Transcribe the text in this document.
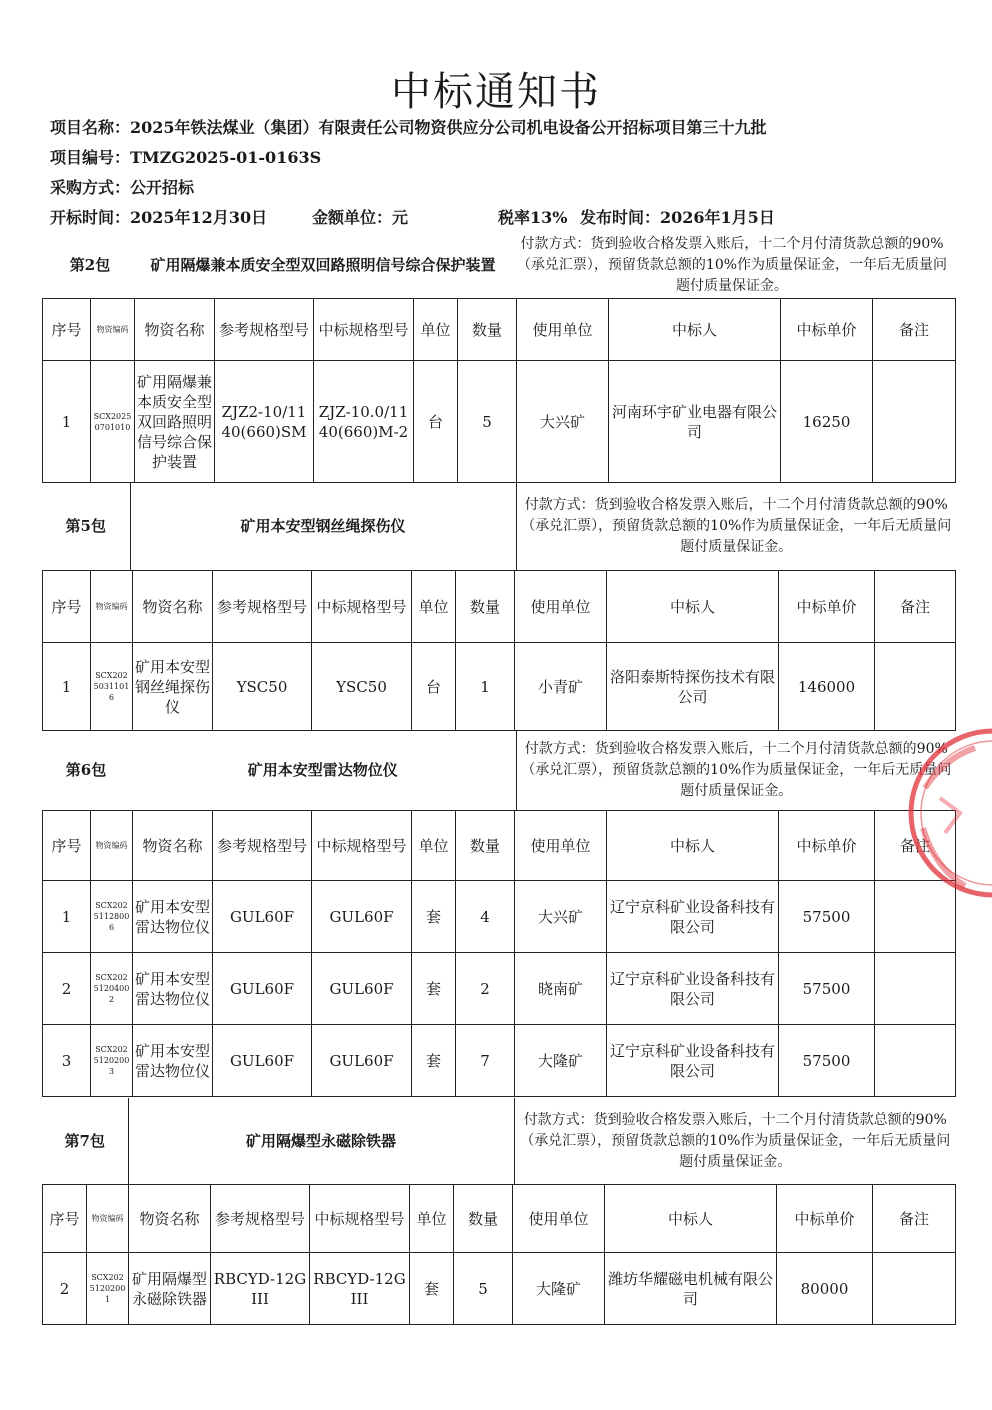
中标通知书
项目名称：2025年铁法煤业（集团）有限责任公司物资供应分公司机电设备公开招标项目第三十九批
项目编号：TMZG2025-01-0163S
采购方式：公开招标
开标时间：2025年12月30日	金额单位：元	税率13% 发布时间：2026年1月5日
第2包	矿用隔爆兼本质安全型双回路照明信号综合保护装置	付款方式：货到验收合格发票入账后，十二个月付清货款总额的90%（承兑汇票），预留货款总额的10%作为质量保证金，一年后无质量问题付质量保证金。
序号	物资编码	物资名称	参考规格型号	中标规格型号	单位	数量	使用单位	中标人	中标单价	备注
1	SCX20250701010	矿用隔爆兼本质安全型双回路照明信号综合保护装置	ZJZ2-10/1140(660)SM	ZJZ-10.0/1140(660)M-2	台	5	大兴矿	河南环宇矿业电器有限公司	16250	
第5包	矿用本安型钢丝绳探伤仪	付款方式：货到验收合格发票入账后，十二个月付清货款总额的90%（承兑汇票），预留货款总额的10%作为质量保证金，一年后无质量问题付质量保证金。
序号	物资编码	物资名称	参考规格型号	中标规格型号	单位	数量	使用单位	中标人	中标单价	备注
1	SCX20250311016	矿用本安型钢丝绳探伤仪	YSC50	YSC50	台	1	小青矿	洛阳泰斯特探伤技术有限公司	146000	
第6包	矿用本安型雷达物位仪	付款方式：货到验收合格发票入账后，十二个月付清货款总额的90%（承兑汇票），预留货款总额的10%作为质量保证金，一年后无质量问题付质量保证金。
序号	物资编码	物资名称	参考规格型号	中标规格型号	单位	数量	使用单位	中标人	中标单价	备注
1	SCX20251128006	矿用本安型雷达物位仪	GUL60F	GUL60F	套	4	大兴矿	辽宁京科矿业设备科技有限公司	57500	
2	SCX20251204002	矿用本安型雷达物位仪	GUL60F	GUL60F	套	2	晓南矿	辽宁京科矿业设备科技有限公司	57500	
3	SCX20251202003	矿用本安型雷达物位仪	GUL60F	GUL60F	套	7	大隆矿	辽宁京科矿业设备科技有限公司	57500	
第7包	矿用隔爆型永磁除铁器	付款方式：货到验收合格发票入账后，十二个月付清货款总额的90%（承兑汇票），预留货款总额的10%作为质量保证金，一年后无质量问题付质量保证金。
序号	物资编码	物资名称	参考规格型号	中标规格型号	单位	数量	使用单位	中标人	中标单价	备注
2	SCX20251202001	矿用隔爆型永磁除铁器	RBCYD-12GIII	RBCYD-12GIII	套	5	大隆矿	潍坊华耀磁电机械有限公司	80000	
